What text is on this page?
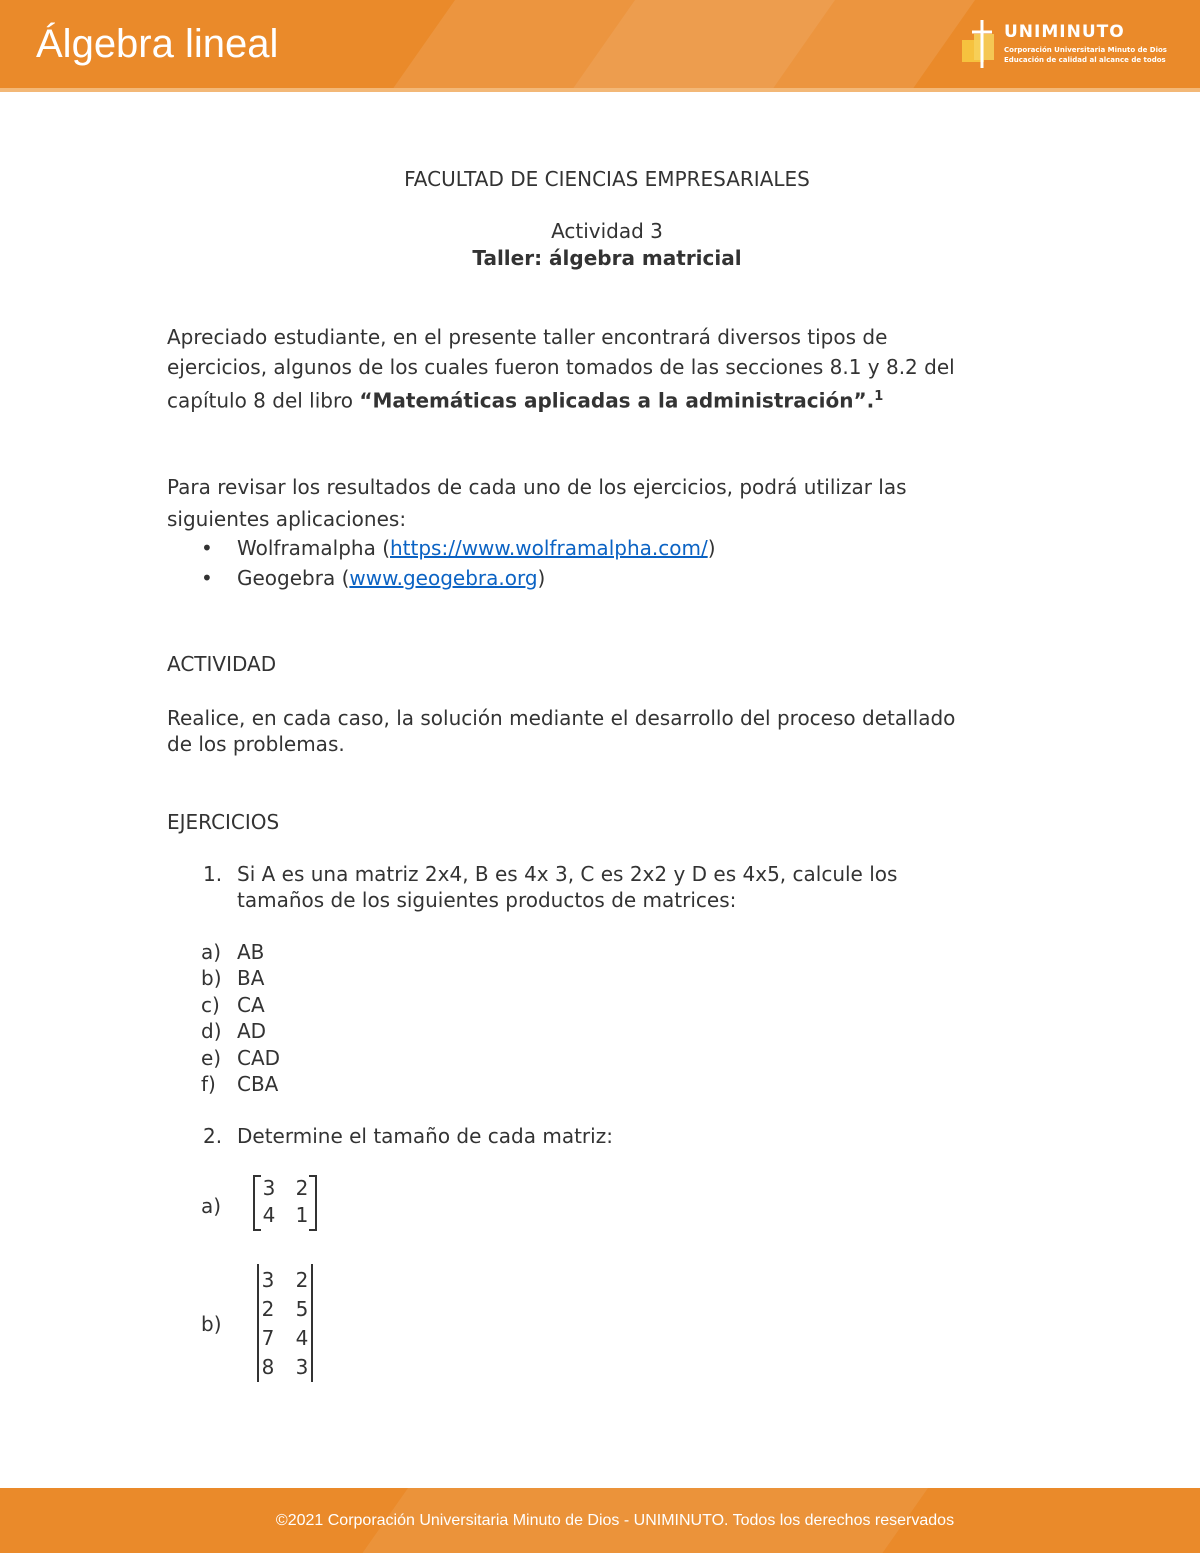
Álgebra lineal	UNIMINUTO
Corporación Universitaria Minuto de Dios
Educación de calidad al alcance de todos
FACULTAD DE CIENCIAS EMPRESARIALES
Actividad 3
Taller: álgebra matricial
Apreciado estudiante, en el presente taller encontrará diversos tipos de
ejercicios, algunos de los cuales fueron tomados de las secciones 8.1 y 8.2 del
capítulo 8 del libro “Matemáticas aplicadas a la administración”.$^1$
Para revisar los resultados de cada uno de los ejercicios, podrá utilizar las
siguientes aplicaciones:
• Wolframalpha (https://www.wolframalpha.com/)
• Geogebra (www.geogebra.org)
ACTIVIDAD
Realice, en cada caso, la solución mediante el desarrollo del proceso detallado
de los problemas.
EJERCICIOS
1. Si A es una matriz 2x4, B es 4x 3, C es 2x2 y D es 4x5, calcule los
tamaños de los siguientes productos de matrices:
a) AB
b) BA
c) CA
d) AD
e) CAD
f) CBA
2. Determine el tamaño de cada matriz:
a)
3 2
4 1
b)
3 2
2 5
7 4
8 3
©2021 Corporación Universitaria Minuto de Dios - UNIMINUTO. Todos los derechos reservados
